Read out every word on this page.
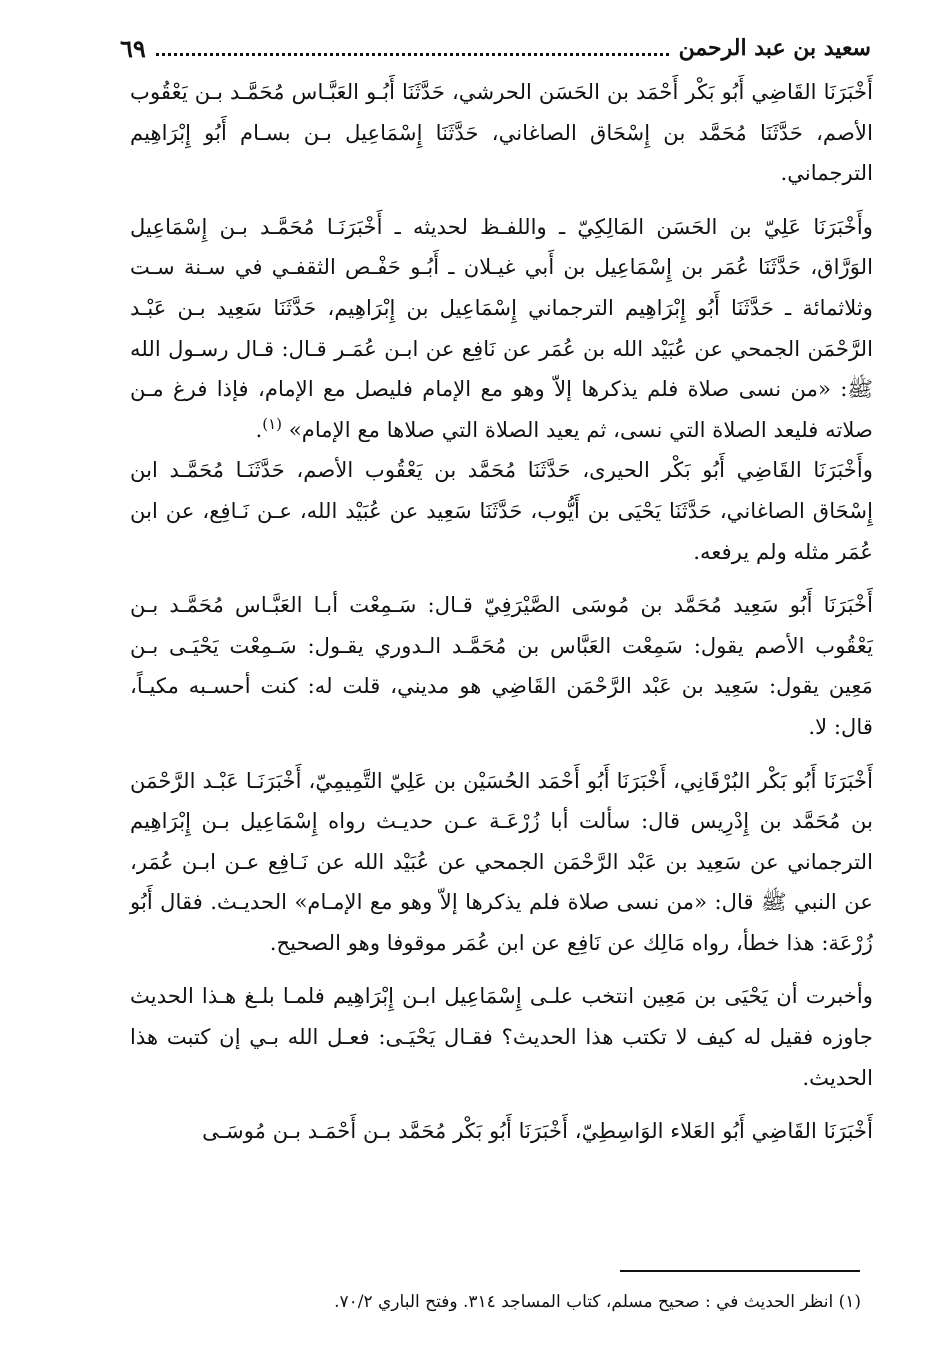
سعيد بن عبد الرحمن
٦٩

أَخْبَرَنَا القَاضِي أَبُو بَكْر أَحْمَد بن الحَسَن الحرشي، حَدَّثَنَا أَبُـو العَبَّـاس مُحَمَّـد بـن يَعْقُوب الأصم، حَدَّثَنَا مُحَمَّد بن إِسْحَاق الصاغاني، حَدَّثَنَا إِسْمَاعِيل بـن بسـام أَبُو إِبْرَاهِيم الترجماني.

وأَخْبَرَنَا عَلِيّ بن الحَسَن المَالِكِيّ ـ واللفـظ لحديثه ـ أَخْبَرَنَـا مُحَمَّـد بـن إِسْمَاعِيل الوَرَّاق، حَدَّثَنَا عُمَر بن إِسْمَاعِيل بن أَبي غيـلان ـ أَبُـو حَفْـص الثقفـي في سـنة سـت وثلاثمائة ـ حَدَّثَنَا أَبُو إِبْرَاهِيم الترجماني إِسْمَاعِيل بن إِبْرَاهِيم، حَدَّثَنَا سَعِيد بـن عَبْـد الرَّحْمَن الجمحي عن عُبَيْد الله بن عُمَر عن نَافِع عن ابـن عُمَـر قـال: قـال رسـول الله ﷺ: «من نسى صلاة فلم يذكرها إلاّ وهو مع الإمام فليصل مع الإمام، فإذا فرغ مـن صلاته فليعد الصلاة التي نسى، ثم يعيد الصلاة التي صلاها مع الإمام» $^{(١)}$.

وأَخْبَرَنَا القَاضِي أَبُو بَكْر الحيرى، حَدَّثَنَا مُحَمَّد بن يَعْقُوب الأصم، حَدَّثَنَـا مُحَمَّـد ابن إِسْحَاق الصاغاني، حَدَّثَنَا يَحْيَى بن أَيُّوب، حَدَّثَنَا سَعِيد عن عُبَيْد الله، عـن نَـافِع، عن ابن عُمَر مثله ولم يرفعه.

أَخْبَرَنَا أَبُو سَعِيد مُحَمَّد بن مُوسَى الصَّيْرَفِيّ قـال: سَـمِعْت أبـا العَبَّـاس مُحَمَّـد بـن يَعْقُوب الأصم يقول: سَمِعْت العَبَّاس بن مُحَمَّـد الـدوري يقـول: سَـمِعْت يَحْيَـى بـن مَعِين يقول: سَعِيد بن عَبْد الرَّحْمَن القَاضِي هو مديني، قلت له: كنت أحسـبه مكيـاً، قال: لا.

أَخْبَرَنَا أَبُو بَكْر البُرْقَانِي، أَخْبَرَنَا أَبُو أَحْمَد الحُسَيْن بن عَلِيّ التَّمِيمِيّ، أَخْبَرَنَـا عَبْـد الرَّحْمَن بن مُحَمَّد بن إِدْرِيس قال: سألت أبا زُرْعَـة عـن حديـث رواه إِسْمَاعِيل بـن إِبْرَاهِيم الترجماني عن سَعِيد بن عَبْد الرَّحْمَن الجمحي عن عُبَيْد الله عن نَـافِع عـن ابـن عُمَر، عن النبي ﷺ قال: «من نسى صلاة فلم يذكرها إلاّ وهو مع الإمـام» الحديـث. فقال أَبُو زُرْعَة: هذا خطأ، رواه مَالِك عن نَافِع عن ابن عُمَر موقوفا وهو الصحيح.

وأخبرت أن يَحْيَى بن مَعِين انتخب علـى إِسْمَاعِيل ابـن إِبْرَاهِيم فلمـا بلـغ هـذا الحديث جاوزه فقيل له كيف لا تكتب هذا الحديث؟ فقـال يَحْيَـى: فعـل الله بـي إن كتبت هذا الحديث.

أَخْبَرَنَا القَاضِي أَبُو العَلاء الوَاسِطِيّ، أَخْبَرَنَا أَبُو بَكْر مُحَمَّد بـن أَحْمَـد بـن مُوسَـى

(١) انظر الحديث في : صحيح مسلم، كتاب المساجد ٣١٤. وفتح الباري ٧٠/٢.
